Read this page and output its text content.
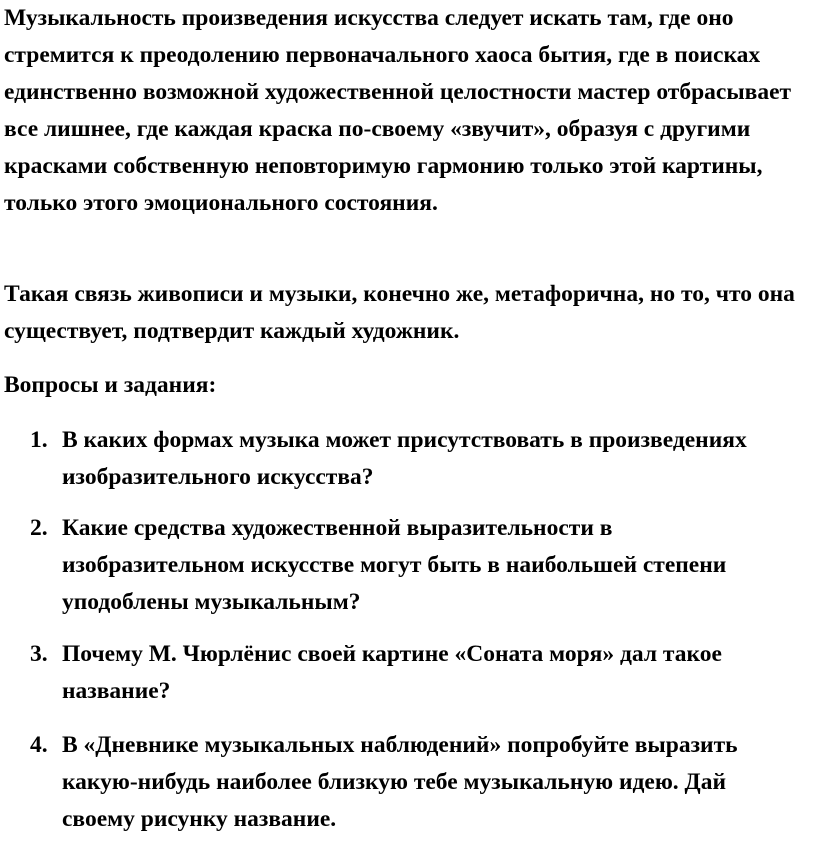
Музыкальность произведения искусства следует искать там, где оно стремится к преодолению первоначального хаоса бытия, где в поисках единственно возможной художественной целостности мастер отбрасывает все лишнее, где каждая краска по-своему «звучит», образуя с другими красками собственную неповторимую гармонию только этой картины, только этого эмоционального состояния.

Такая связь живописи и музыки, конечно же, метафорична, но то, что она существует, подтвердит каждый художник.

Вопросы и задания:

1. В каких формах музыка может присутствовать в произведениях изобразительного искусства?
2. Какие средства художественной выразительности в изобразительном искусстве могут быть в наибольшей степени уподоблены музыкальным?
3. Почему М. Чюрлёнис своей картине «Соната моря» дал такое название?
4. В «Дневнике музыкальных наблюдений» попробуйте выразить какую-нибудь наиболее близкую тебе музыкальную идею. Дай своему рисунку название.
